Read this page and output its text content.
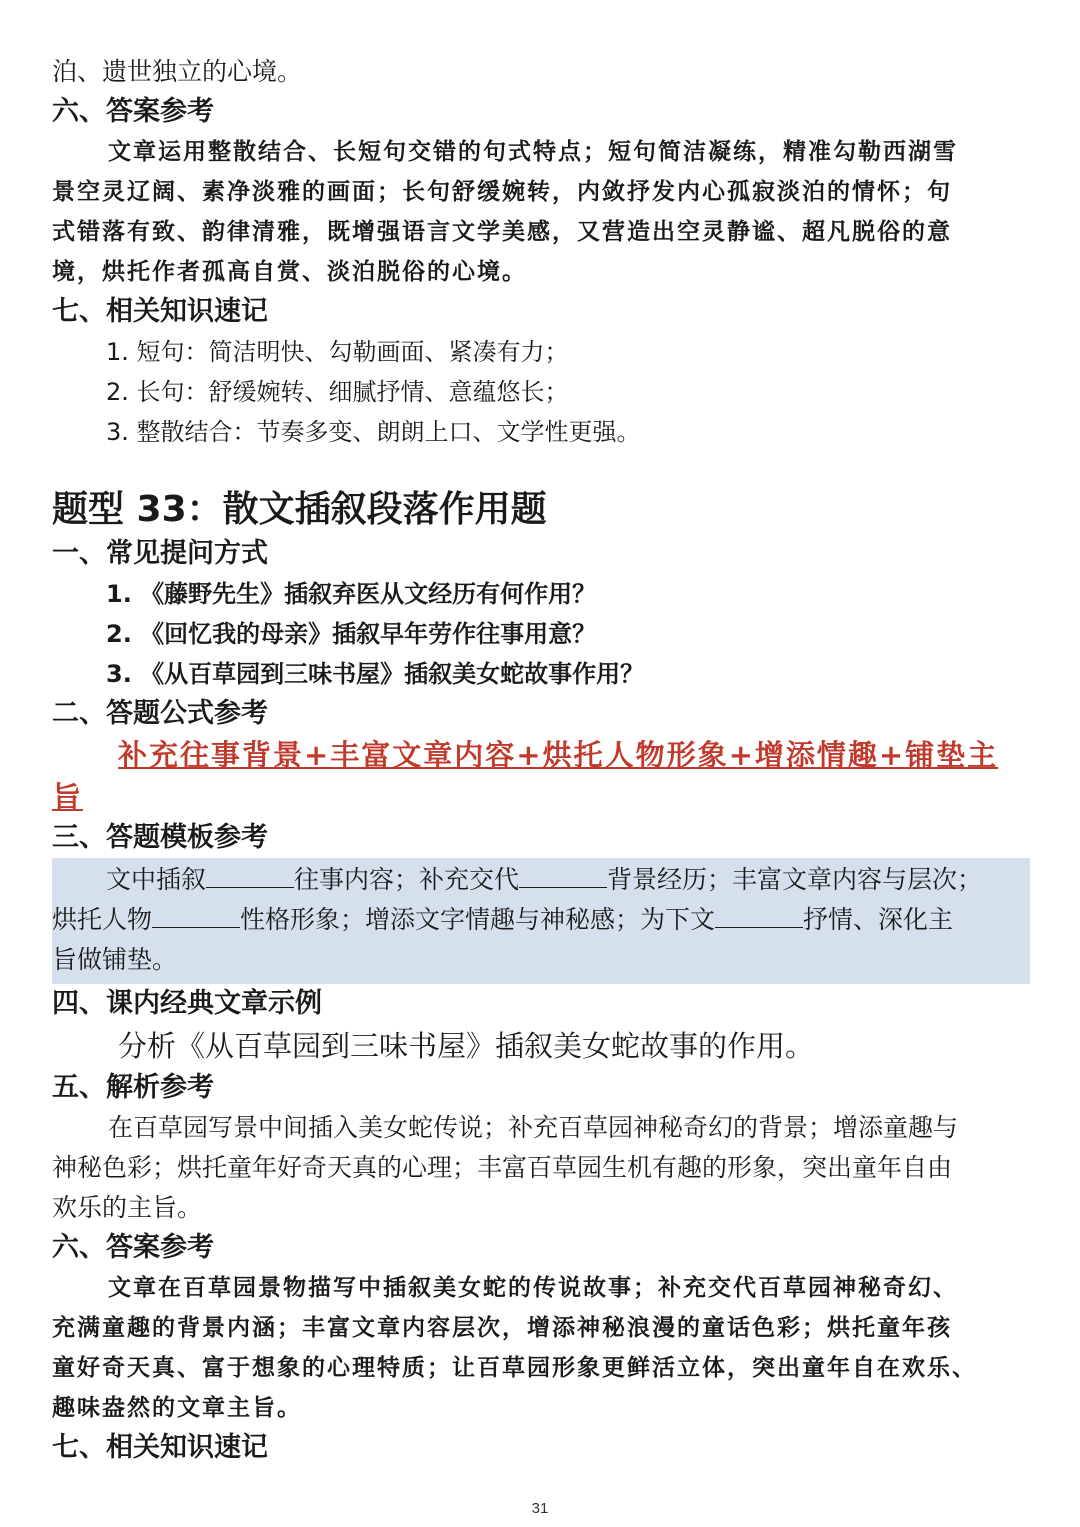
泊、遗世独立的心境。
六、答案参考
文章运用整散结合、长短句交错的句式特点；短句简洁凝练，精准勾勒西湖雪
景空灵辽阔、素净淡雅的画面；长句舒缓婉转，内敛抒发内心孤寂淡泊的情怀；句
式错落有致、韵律清雅，既增强语言文学美感，又营造出空灵静谧、超凡脱俗的意
境，烘托作者孤高自赏、淡泊脱俗的心境。
七、相关知识速记
1. 短句：简洁明快、勾勒画面、紧凑有力；
2. 长句：舒缓婉转、细腻抒情、意蕴悠长；
3. 整散结合：节奏多变、朗朗上口、文学性更强。
题型 33：散文插叙段落作用题
一、常见提问方式
1. 《藤野先生》插叙弃医从文经历有何作用？
2. 《回忆我的母亲》插叙早年劳作往事用意？
3. 《从百草园到三味书屋》插叙美女蛇故事作用？
二、答题公式参考
补充往事背景+丰富文章内容+烘托人物形象+增添情趣+铺垫主
旨
三、答题模板参考
文中插叙	往事内容；补充交代	背景经历；丰富文章内容与层次；
烘托人物	性格形象；增添文字情趣与神秘感；为下文	抒情、深化主
旨做铺垫。
四、课内经典文章示例
分析《从百草园到三味书屋》插叙美女蛇故事的作用。
五、解析参考
在百草园写景中间插入美女蛇传说；补充百草园神秘奇幻的背景；增添童趣与
神秘色彩；烘托童年好奇天真的心理；丰富百草园生机有趣的形象，突出童年自由
欢乐的主旨。
六、答案参考
文章在百草园景物描写中插叙美女蛇的传说故事；补充交代百草园神秘奇幻、
充满童趣的背景内涵；丰富文章内容层次，增添神秘浪漫的童话色彩；烘托童年孩
童好奇天真、富于想象的心理特质；让百草园形象更鲜活立体，突出童年自在欢乐、
趣味盎然的文章主旨。
七、相关知识速记
31
